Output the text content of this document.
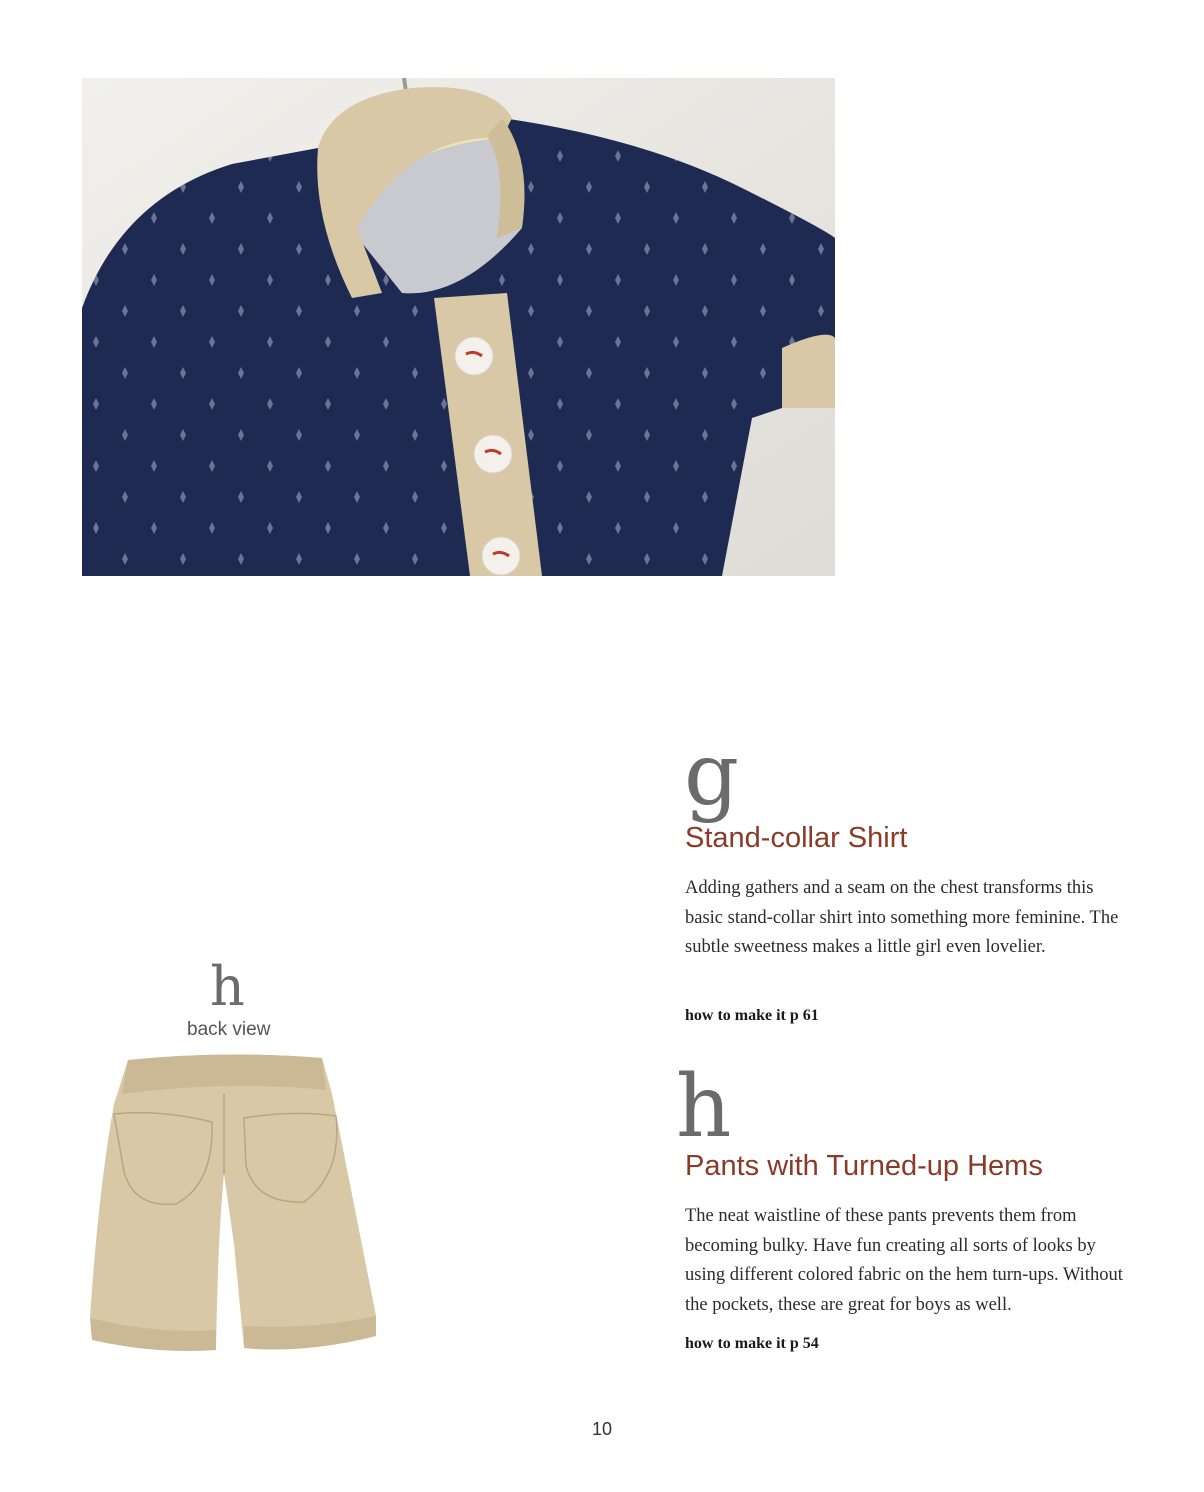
g
Stand-collar Shirt

Adding gathers and a seam on the chest transforms this basic stand-collar shirt into something more feminine. The subtle sweetness makes a little girl even lovelier.

how to make it p 61
h
Pants with Turned-up Hems

The neat waistline of these pants prevents them from becoming bulky. Have fun creating all sorts of looks by using different colored fabric on the hem turn-ups. Without the pockets, these are great for boys as well.

how to make it p 54
h
back view
10
